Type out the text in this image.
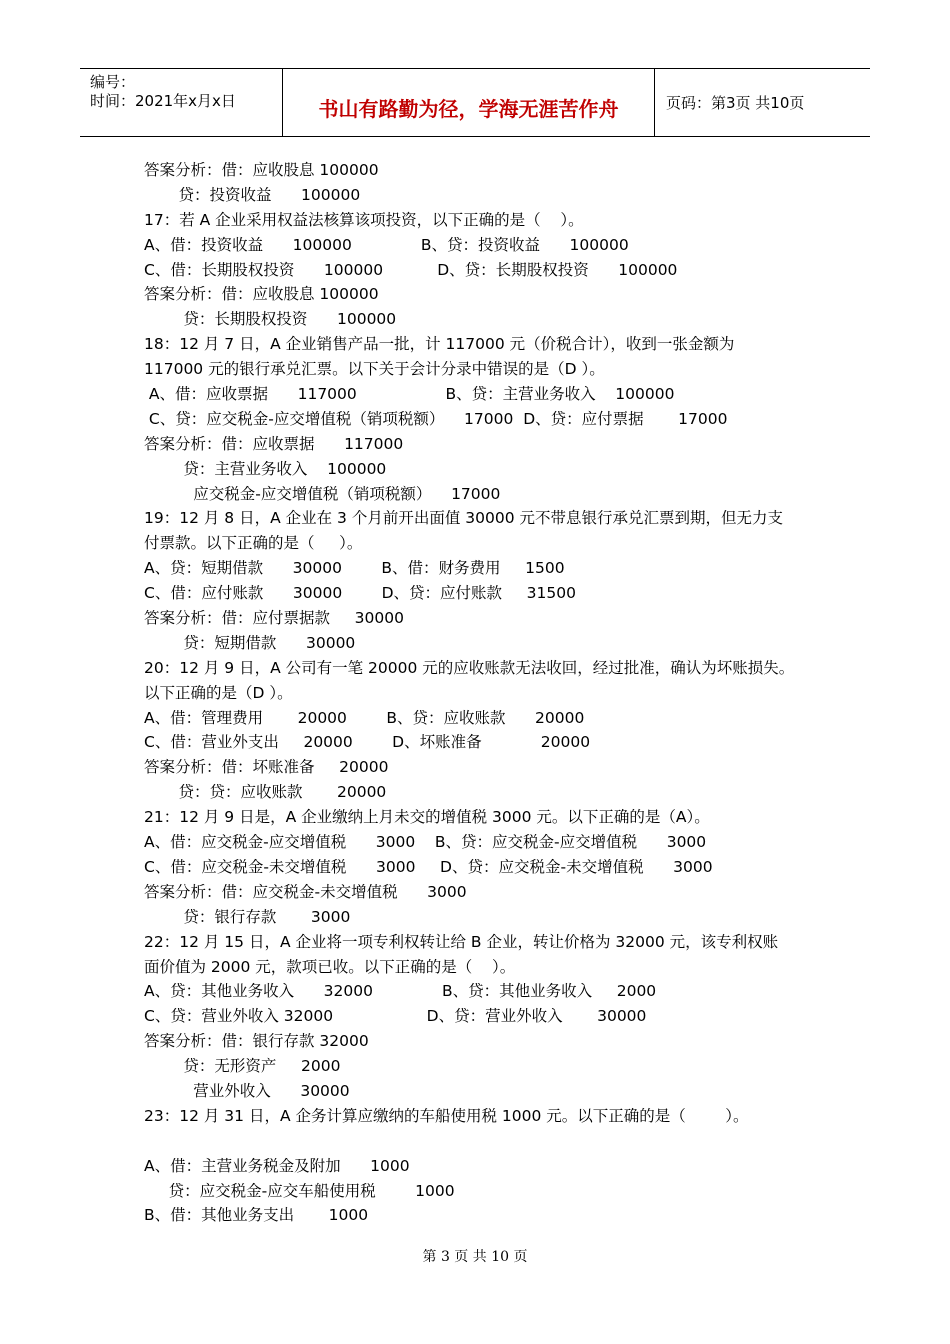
编号：
时间：2021年x月x日	书山有路勤为径，学海无涯苦作舟	页码：第3页 共10页
答案分析：借：应收股息 100000
贷：投资收益      100000
17：若 A 企业采用权益法核算该项投资，以下正确的是（    ）。
A、借：投资收益      100000              B、贷：投资收益      100000
C、借：长期股权投资      100000           D、贷：长期股权投资      100000
答案分析：借：应收股息 100000
贷：长期股权投资      100000
18：12 月 7 日，A 企业销售产品一批，计 117000 元（价税合计），收到一张金额为
117000 元的银行承兑汇票。以下关于会计分录中错误的是（D ）。
A、借：应收票据      117000                  B、贷：主营业务收入    100000
C、贷：应交税金-应交增值税（销项税额）    17000  D、贷：应付票据       17000
答案分析：借：应收票据      117000
贷：主营业务收入    100000
应交税金-应交增值税（销项税额）    17000
19：12 月 8 日，A 企业在 3 个月前开出面值 30000 元不带息银行承兑汇票到期，但无力支
付票款。以下正确的是（     ）。
A、贷：短期借款      30000        B、借：财务费用     1500
C、借：应付账款      30000        D、贷：应付账款     31500
答案分析：借：应付票据款     30000
贷：短期借款      30000
20：12 月 9 日，A 公司有一笔 20000 元的应收账款无法收回，经过批准，确认为坏账损失。
以下正确的是（D ）。
A、借：管理费用       20000        B、贷：应收账款      20000
C、借：营业外支出     20000        D、坏账准备            20000
答案分析：借：坏账准备     20000
贷：贷：应收账款       20000
21：12 月 9 日是，A 企业缴纳上月未交的增值税 3000 元。以下正确的是（A）。
A、借：应交税金-应交增值税      3000    B、贷：应交税金-应交增值税      3000
C、借：应交税金-未交增值税      3000     D、贷：应交税金-未交增值税      3000
答案分析：借：应交税金-未交增值税      3000
贷：银行存款       3000
22：12 月 15 日，A 企业将一项专利权转让给 B 企业，转让价格为 32000 元，该专利权账
面价值为 2000 元，款项已收。以下正确的是（    ）。
A、贷：其他业务收入      32000              B、贷：其他业务收入     2000
C、贷：营业外收入 32000                   D、贷：营业外收入       30000
答案分析：借：银行存款 32000
贷：无形资产     2000
营业外收入      30000
23：12 月 31 日，A 企务计算应缴纳的车船使用税 1000 元。以下正确的是（        ）。
A、借：主营业务税金及附加      1000
贷：应交税金-应交车船使用税        1000
B、借：其他业务支出       1000
第 3 页 共 10 页
